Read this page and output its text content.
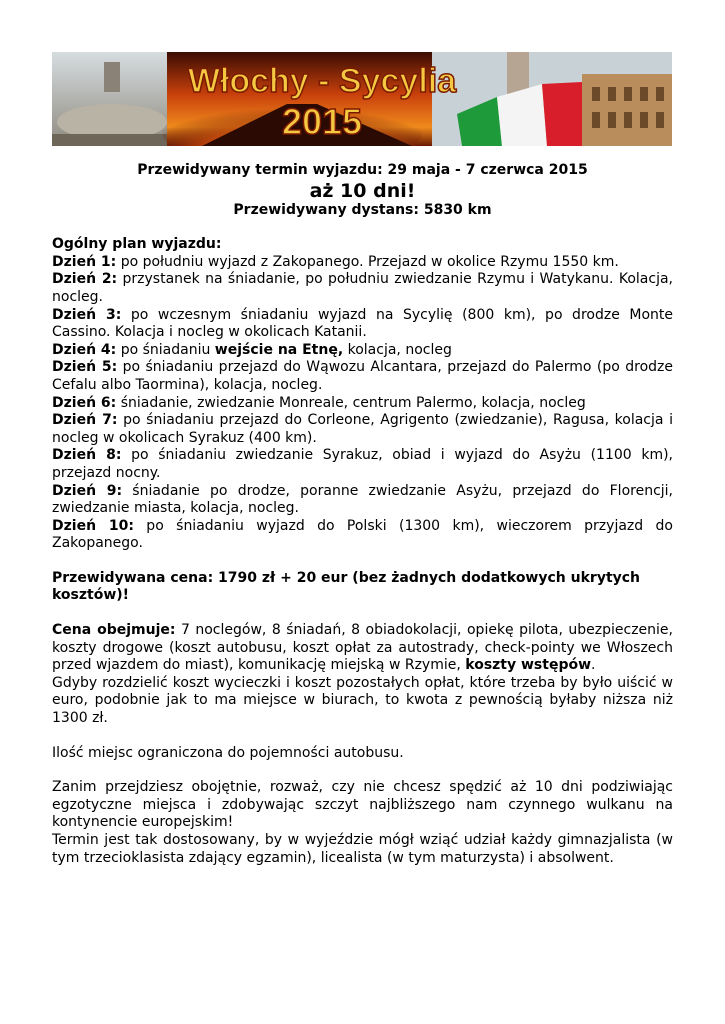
Włochy - Sycylia
2015

Przewidywany termin wyjazdu: 29 maja - 7 czerwca 2015

aż 10 dni!

Przewidywany dystans: 5830 km

Ogólny plan wyjazdu:

Dzień 1: po południu wyjazd z Zakopanego. Przejazd w okolice Rzymu 1550 km.

Dzień 2: przystanek na śniadanie, po południu zwiedzanie Rzymu i Watykanu. Kolacja, nocleg.

Dzień 3: po wczesnym śniadaniu wyjazd na Sycylię (800 km), po drodze Monte Cassino. Kolacja i nocleg w okolicach Katanii.

Dzień 4: po śniadaniu wejście na Etnę, kolacja, nocleg

Dzień 5: po śniadaniu przejazd do Wąwozu Alcantara, przejazd do Palermo (po drodze Cefalu albo Taormina), kolacja, nocleg.

Dzień 6: śniadanie, zwiedzanie Monreale, centrum Palermo, kolacja, nocleg

Dzień 7: po śniadaniu przejazd do Corleone, Agrigento (zwiedzanie), Ragusa, kolacja i nocleg w okolicach Syrakuz (400 km).

Dzień 8: po śniadaniu zwiedzanie Syrakuz, obiad i wyjazd do Asyżu (1100 km), przejazd nocny.

Dzień 9: śniadanie po drodze, poranne zwiedzanie Asyżu, przejazd do Florencji, zwiedzanie miasta, kolacja, nocleg.

Dzień 10: po śniadaniu wyjazd do Polski (1300 km), wieczorem przyjazd do Zakopanego.

Przewidywana cena: 1790 zł + 20 eur (bez żadnych dodatkowych ukrytych kosztów)!

Cena obejmuje: 7 noclegów, 8 śniadań, 8 obiadokolacji, opiekę pilota, ubezpieczenie, koszty drogowe (koszt autobusu, koszt opłat za autostrady, check-pointy we Włoszech przed wjazdem do miast), komunikację miejską w Rzymie, koszty wstępów.

Gdyby rozdzielić koszt wycieczki i koszt pozostałych opłat, które trzeba by było uiścić w euro, podobnie jak to ma miejsce w biurach, to kwota z pewnością byłaby niższa niż 1300 zł.

Ilość miejsc ograniczona do pojemności autobusu.

Zanim przejdziesz obojętnie, rozważ, czy nie chcesz spędzić aż 10 dni podziwiając egzotyczne miejsca i zdobywając szczyt najbliższego nam czynnego wulkanu na kontynencie europejskim!

Termin jest tak dostosowany, by w wyjeździe mógł wziąć udział każdy gimnazjalista (w tym trzecioklasista zdający egzamin), licealista (w tym maturzysta) i absolwent.
